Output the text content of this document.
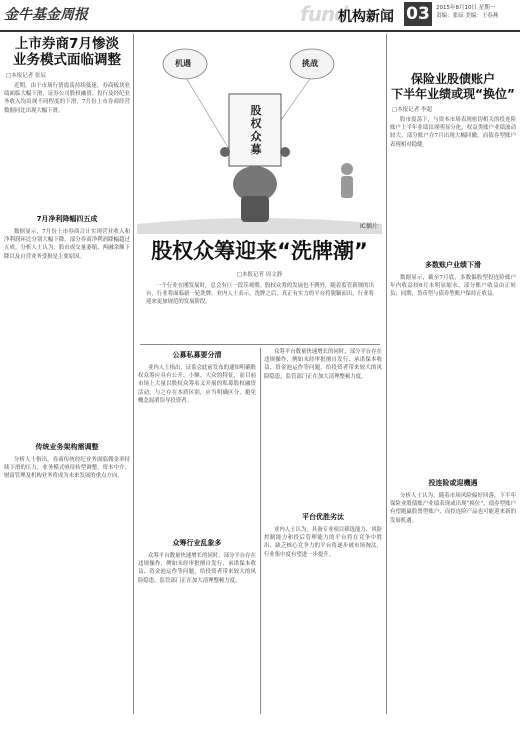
金牛基金周报	fund
机构新闻 03	2015年8月10日 星期一
责编：张辰 美编：王春燕
上市券商7月惨淡
业务模式面临调整
□本报记者 张辰

近期，由于市场行情震荡持续低迷，券商板块业绩面临大幅下滑，证券公司股权融资、投行及经纪业务收入均出现不同程度的下滑，7月份上市券商经营数据同比出现大幅下滑。

7月净利降幅四五成

数据显示，7月份上市券商合计实现营业收入和净利润环比分别大幅下降，部分券商净利润降幅超过五成。分析人士认为，股市成交量萎缩、两融余额下降以及自营业务受损是主要原因。

传统业务架构需调整

分析人士指出，券商传统经纪业务面临佣金率持续下滑的压力，业务模式亟待转型调整，资本中介、财富管理及机构业务将成为未来发展的重点方向。

机遇	挑战
股权众募
IC插片
股权众筹迎来“洗牌潮”
□本报记者 周文静

一个行业在刚发展时，总会有巨一段乐观期。股权众筹的发展也不例外，随着监管新规的出台，行业将面临新一轮洗牌。业内人士表示，洗牌之后，真正有实力的平台将脱颖而出，行业将迎来更加规范的发展阶段。

公募私募要分清

业内人士指出，证监会此前发布的通知明确股权众筹应具有公开、小额、大众的特征，而目前市场上大量以股权众筹名义开展的私募股权融资活动，与之存在本质区别，应当明确区分，避免概念混淆误导投资者。

众筹行业乱象多

众筹平台数量快速增长的同时，部分平台存在违规操作，例如未经审批擅自发行、承诺保本收益、资金池运作等问题，给投资者带来较大的风险隐患，监管部门正在加大清理整顿力度。

众筹平台数量快速增长的同时，部分平台存在违规操作，例如未经审批擅自发行、承诺保本收益、资金池运作等问题，给投资者带来较大的风险隐患，监管部门正在加大清理整顿力度。

平台优胜劣汰

业内人士认为，具备专业项目筛选能力、风险控制能力和投后管理能力的平台将在竞争中胜出，缺乏核心竞争力的平台将逐步被市场淘汰，行业集中度有望进一步提升。

保险业股债账户
下半年业绩或现“换位”
□本报记者 李超

股市震荡下，与资本市场表现密切相关的投连险账户上半年业绩出现明显分化，权益类账户业绩波动较大，部分账户在7月出现大幅回撤，而债券型账户表现相对稳健。

多数账户业绩下滑

数据显示，截至7月底，多数偏股型投连险账户年内收益较6月末明显缩水，部分账户收益由正转负；同期，货币型与债券型账户保持正收益。

投连险或迎機遇

分析人士认为，随着市场风险偏好回落，下半年保险业股债账户业绩表现或出现“换位”，债券型账户有望跑赢股票型账户，而投连险产品也可能迎来新的发展机遇。
